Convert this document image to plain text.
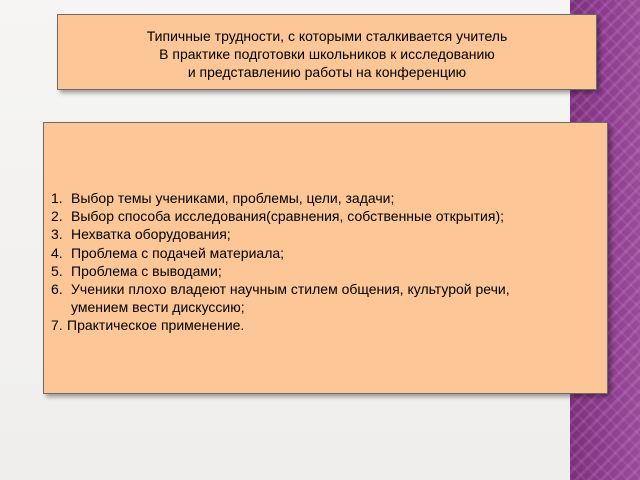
Типичные трудности, с которыми сталкивается учитель
В практике подготовки школьников к исследованию
и представлению работы на конференцию
1. Выбор темы учениками, проблемы, цели, задачи;
2. Выбор способа исследования(сравнения, собственные открытия);
3. Нехватка оборудования;
4. Проблема с подачей материала;
5. Проблема с выводами;
6. Ученики плохо владеют научным стилем общения, культурой речи,
умением вести дискуссию;
7. Практическое применение.
